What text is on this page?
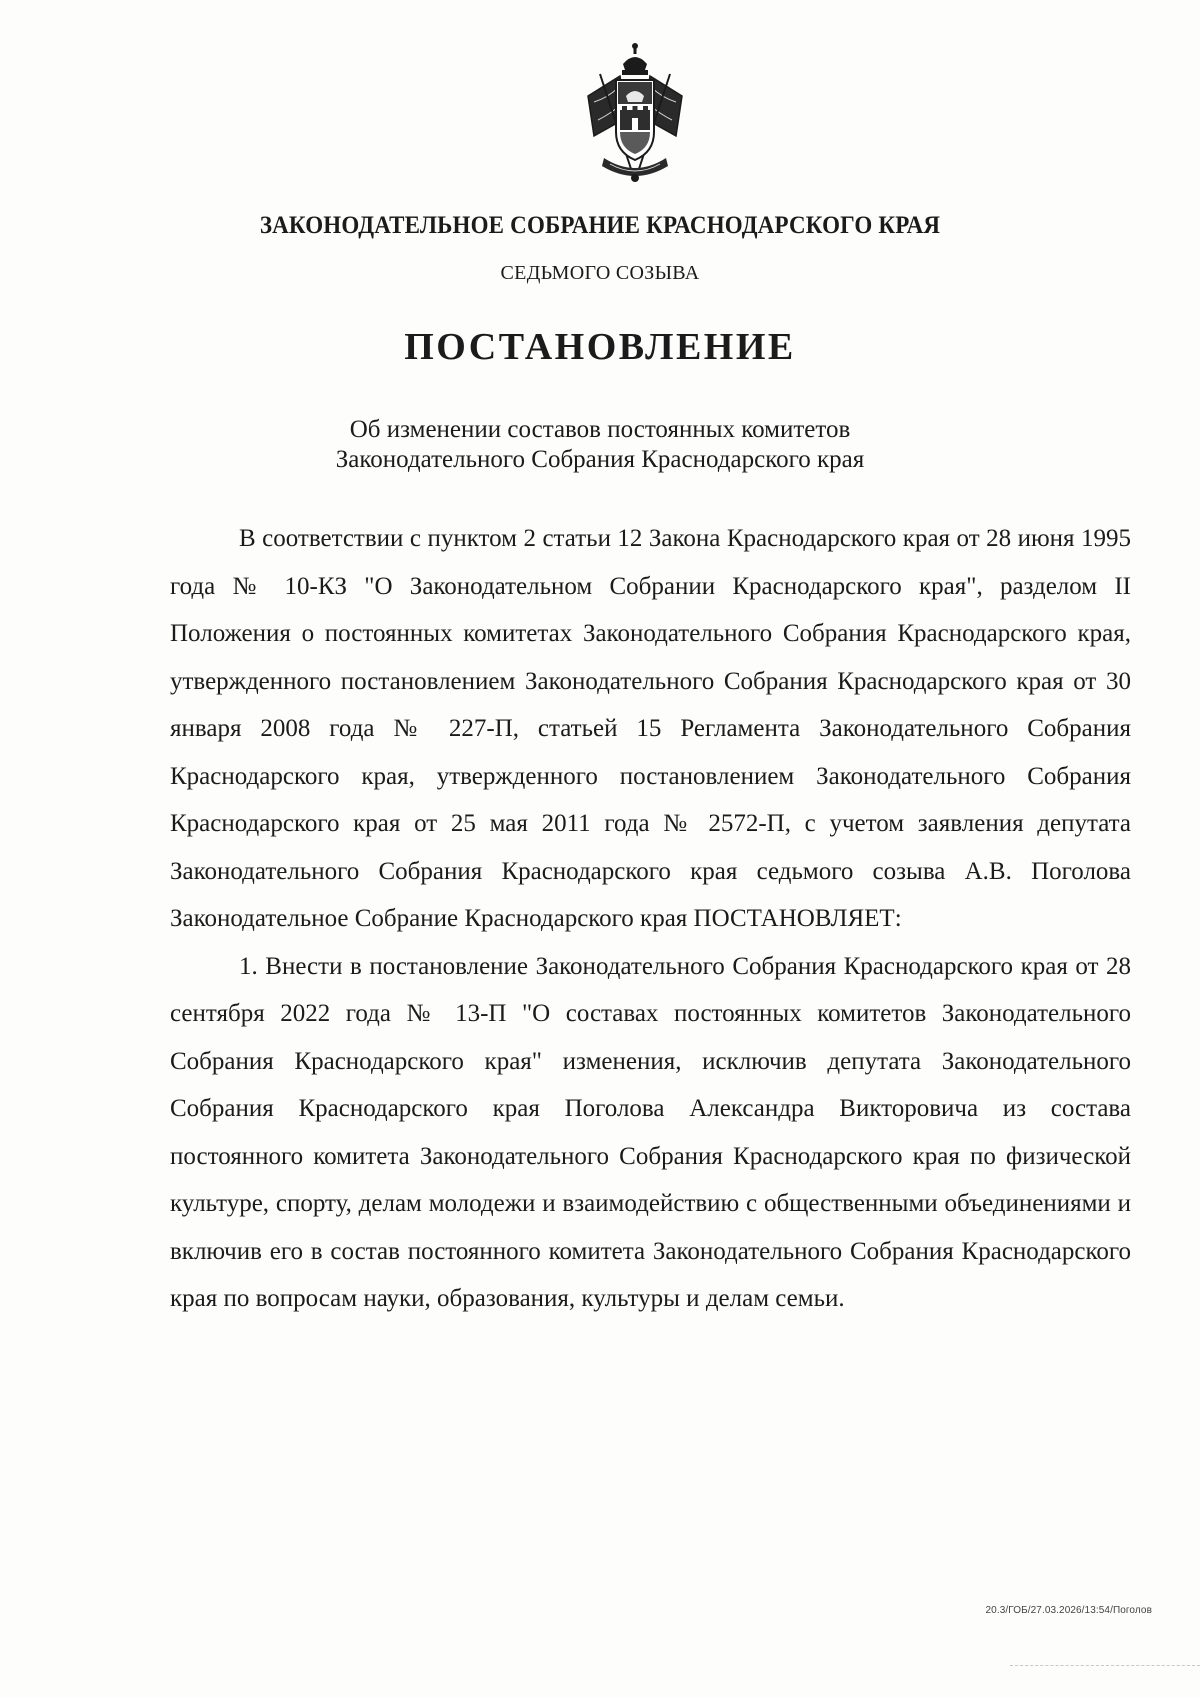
ЗАКОНОДАТЕЛЬНОЕ СОБРАНИЕ КРАСНОДАРСКОГО КРАЯ
СЕДЬМОГО СОЗЫВА
ПОСТАНОВЛЕНИЕ
Об изменении составов постоянных комитетов
Законодательного Собрания Краснодарского края

В соответствии с пунктом 2 статьи 12 Закона Краснодарского края от 28 июня 1995 года № 10-КЗ "О Законодательном Собрании Краснодарского края", разделом II Положения о постоянных комитетах Законодательного Собрания Краснодарского края, утвержденного постановлением Законодательного Собрания Краснодарского края от 30 января 2008 года № 227-П, статьей 15 Регламента Законодательного Собрания Краснодарского края, утвержденного постановлением Законодательного Собрания Краснодарского края от 25 мая 2011 года № 2572-П, с учетом заявления депутата Законодательного Собрания Краснодарского края седьмого созыва А.В. Поголова Законодательное Собрание Краснодарского края ПОСТАНОВЛЯЕТ:

1. Внести в постановление Законодательного Собрания Краснодарского края от 28 сентября 2022 года № 13-П "О составах постоянных комитетов Законодательного Собрания Краснодарского края" изменения, исключив депутата Законодательного Собрания Краснодарского края Поголова Александра Викторовича из состава постоянного комитета Законодательного Собрания Краснодарского края по физической культуре, спорту, делам молодежи и взаимодействию с общественными объединениями и включив его в состав постоянного комитета Законодательного Собрания Краснодарского края по вопросам науки, образования, культуры и делам семьи.

20.3/ГОБ/27.03.2026/13:54/Поголов
